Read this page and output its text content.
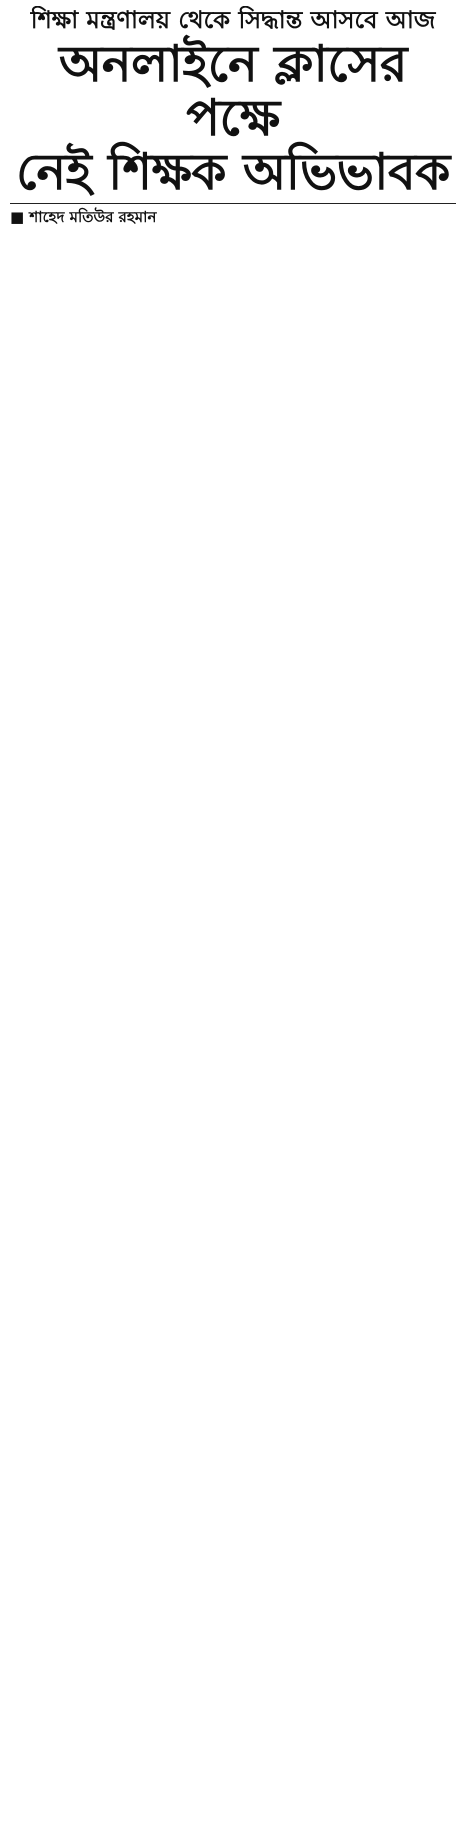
শিক্ষা মন্ত্রণালয় থেকে সিদ্ধান্ত আসবে আজ

অনলাইনে ক্লাসের পক্ষে
নেই শিক্ষক অভিভাবক

■ শাহেদ মতিউর রহমান
